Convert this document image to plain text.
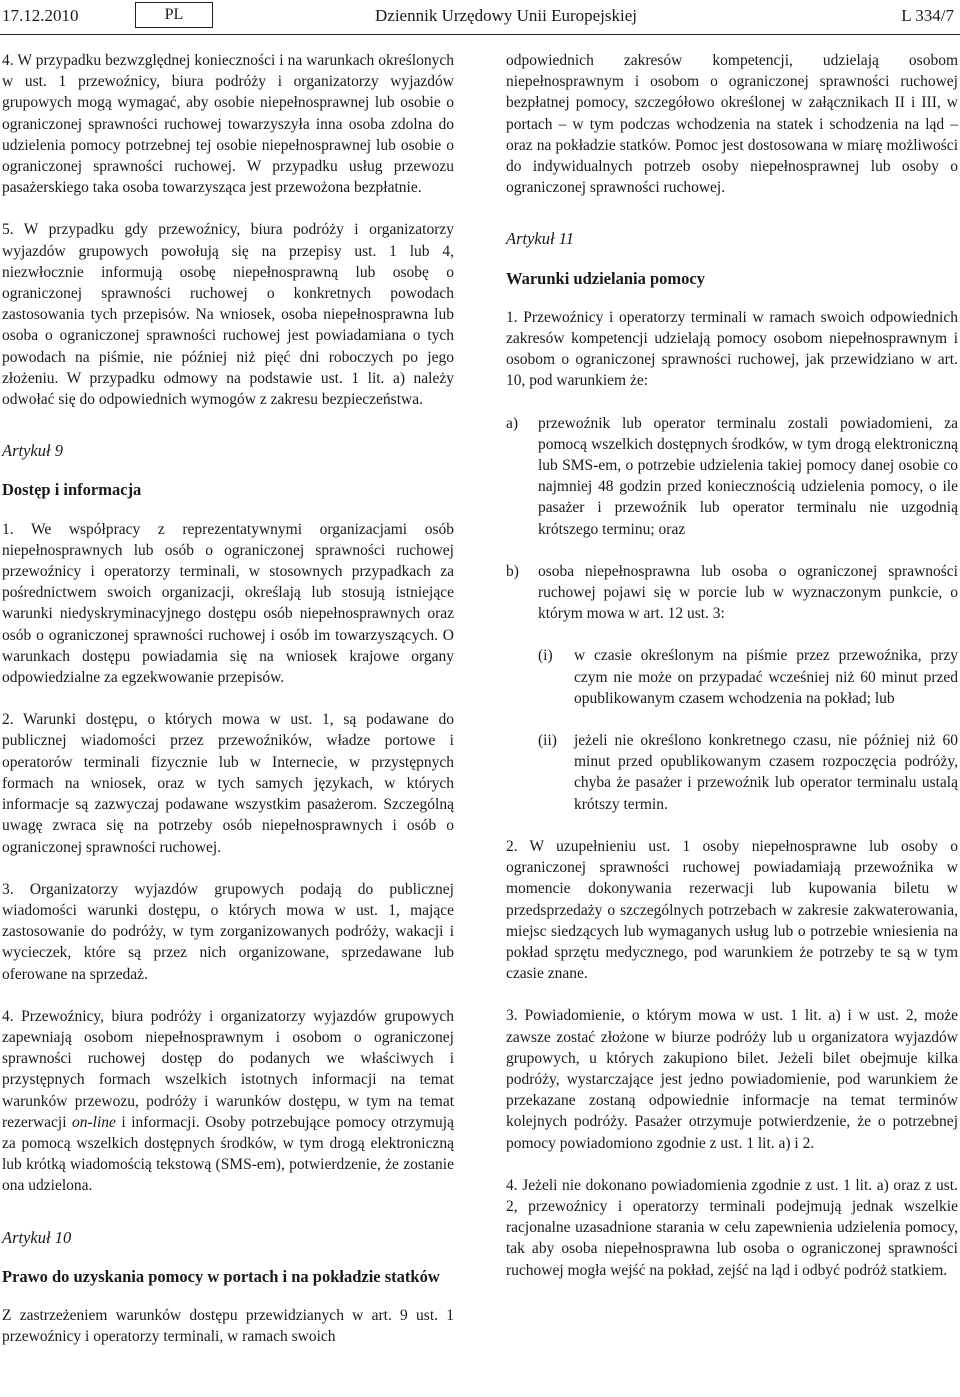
17.12.2010	PL	Dziennik Urzędowy Unii Europejskiej	L 334/7

4. W przypadku bezwzględnej konieczności i na warunkach określonych w ust. 1 przewoźnicy, biura podróży i organizatorzy wyjazdów grupowych mogą wymagać, aby osobie niepełnosprawnej lub osobie o ograniczonej sprawności ruchowej towarzyszyła inna osoba zdolna do udzielenia pomocy potrzebnej tej osobie niepełnosprawnej lub osobie o ograniczonej sprawności ruchowej. W przypadku usług przewozu pasażerskiego taka osoba towarzysząca jest przewożona bezpłatnie.

5. W przypadku gdy przewoźnicy, biura podróży i organizatorzy wyjazdów grupowych powołują się na przepisy ust. 1 lub 4, niezwłocznie informują osobę niepełnosprawną lub osobę o ograniczonej sprawności ruchowej o konkretnych powodach zastosowania tych przepisów. Na wniosek, osoba niepełnosprawna lub osoba o ograniczonej sprawności ruchowej jest powiadamiana o tych powodach na piśmie, nie później niż pięć dni roboczych po jego złożeniu. W przypadku odmowy na podstawie ust. 1 lit. a) należy odwołać się do odpowiednich wymogów z zakresu bezpieczeństwa.

Artykuł 9

Dostęp i informacja

1. We współpracy z reprezentatywnymi organizacjami osób niepełnosprawnych lub osób o ograniczonej sprawności ruchowej przewoźnicy i operatorzy terminali, w stosownych przypadkach za pośrednictwem swoich organizacji, określają lub stosują istniejące warunki niedyskryminacyjnego dostępu osób niepełnosprawnych oraz osób o ograniczonej sprawności ruchowej i osób im towarzyszących. O warunkach dostępu powiadamia się na wniosek krajowe organy odpowiedzialne za egzekwowanie przepisów.

2. Warunki dostępu, o których mowa w ust. 1, są podawane do publicznej wiadomości przez przewoźników, władze portowe i operatorów terminali fizycznie lub w Internecie, w przystępnych formach na wniosek, oraz w tych samych językach, w których informacje są zazwyczaj podawane wszystkim pasażerom. Szczególną uwagę zwraca się na potrzeby osób niepełnosprawnych i osób o ograniczonej sprawności ruchowej.

3. Organizatorzy wyjazdów grupowych podają do publicznej wiadomości warunki dostępu, o których mowa w ust. 1, mające zastosowanie do podróży, w tym zorganizowanych podróży, wakacji i wycieczek, które są przez nich organizowane, sprzedawane lub oferowane na sprzedaż.

4. Przewoźnicy, biura podróży i organizatorzy wyjazdów grupowych zapewniają osobom niepełnosprawnym i osobom o ograniczonej sprawności ruchowej dostęp do podanych we właściwych i przystępnych formach wszelkich istotnych informacji na temat warunków przewozu, podróży i warunków dostępu, w tym na temat rezerwacji on-line i informacji. Osoby potrzebujące pomocy otrzymują za pomocą wszelkich dostępnych środków, w tym drogą elektroniczną lub krótką wiadomością tekstową (SMS-em), potwierdzenie, że zostanie ona udzielona.

Artykuł 10

Prawo do uzyskania pomocy w portach i na pokładzie statków

Z zastrzeżeniem warunków dostępu przewidzianych w art. 9 ust. 1 przewoźnicy i operatorzy terminali, w ramach swoich

odpowiednich zakresów kompetencji, udzielają osobom niepełnosprawnym i osobom o ograniczonej sprawności ruchowej bezpłatnej pomocy, szczegółowo określonej w załącznikach II i III, w portach – w tym podczas wchodzenia na statek i schodzenia na ląd – oraz na pokładzie statków. Pomoc jest dostosowana w miarę możliwości do indywidualnych potrzeb osoby niepełnosprawnej lub osoby o ograniczonej sprawności ruchowej.

Artykuł 11

Warunki udzielania pomocy

1. Przewoźnicy i operatorzy terminali w ramach swoich odpowiednich zakresów kompetencji udzielają pomocy osobom niepełnosprawnym i osobom o ograniczonej sprawności ruchowej, jak przewidziano w art. 10, pod warunkiem że:

a)	przewoźnik lub operator terminalu zostali powiadomieni, za pomocą wszelkich dostępnych środków, w tym drogą elektroniczną lub SMS-em, o potrzebie udzielenia takiej pomocy danej osobie co najmniej 48 godzin przed koniecznością udzielenia pomocy, o ile pasażer i przewoźnik lub operator terminalu nie uzgodnią krótszego terminu; oraz
b)	osoba niepełnosprawna lub osoba o ograniczonej sprawności ruchowej pojawi się w porcie lub w wyznaczonym punkcie, o którym mowa w art. 12 ust. 3:
(i)	w czasie określonym na piśmie przez przewoźnika, przy czym nie może on przypadać wcześniej niż 60 minut przed opublikowanym czasem wchodzenia na pokład; lub
(ii)	jeżeli nie określono konkretnego czasu, nie później niż 60 minut przed opublikowanym czasem rozpoczęcia podróży, chyba że pasażer i przewoźnik lub operator terminalu ustalą krótszy termin.

2. W uzupełnieniu ust. 1 osoby niepełnosprawne lub osoby o ograniczonej sprawności ruchowej powiadamiają przewoźnika w momencie dokonywania rezerwacji lub kupowania biletu w przedsprzedaży o szczególnych potrzebach w zakresie zakwaterowania, miejsc siedzących lub wymaganych usług lub o potrzebie wniesienia na pokład sprzętu medycznego, pod warunkiem że potrzeby te są w tym czasie znane.

3. Powiadomienie, o którym mowa w ust. 1 lit. a) i w ust. 2, może zawsze zostać złożone w biurze podróży lub u organizatora wyjazdów grupowych, u których zakupiono bilet. Jeżeli bilet obejmuje kilka podróży, wystarczające jest jedno powiadomienie, pod warunkiem że przekazane zostaną odpowiednie informacje na temat terminów kolejnych podróży. Pasażer otrzymuje potwierdzenie, że o potrzebnej pomocy powiadomiono zgodnie z ust. 1 lit. a) i 2.

4. Jeżeli nie dokonano powiadomienia zgodnie z ust. 1 lit. a) oraz z ust. 2, przewoźnicy i operatorzy terminali podejmują jednak wszelkie racjonalne uzasadnione starania w celu zapewnienia udzielenia pomocy, tak aby osoba niepełnosprawna lub osoba o ograniczonej sprawności ruchowej mogła wejść na pokład, zejść na ląd i odbyć podróż statkiem.
